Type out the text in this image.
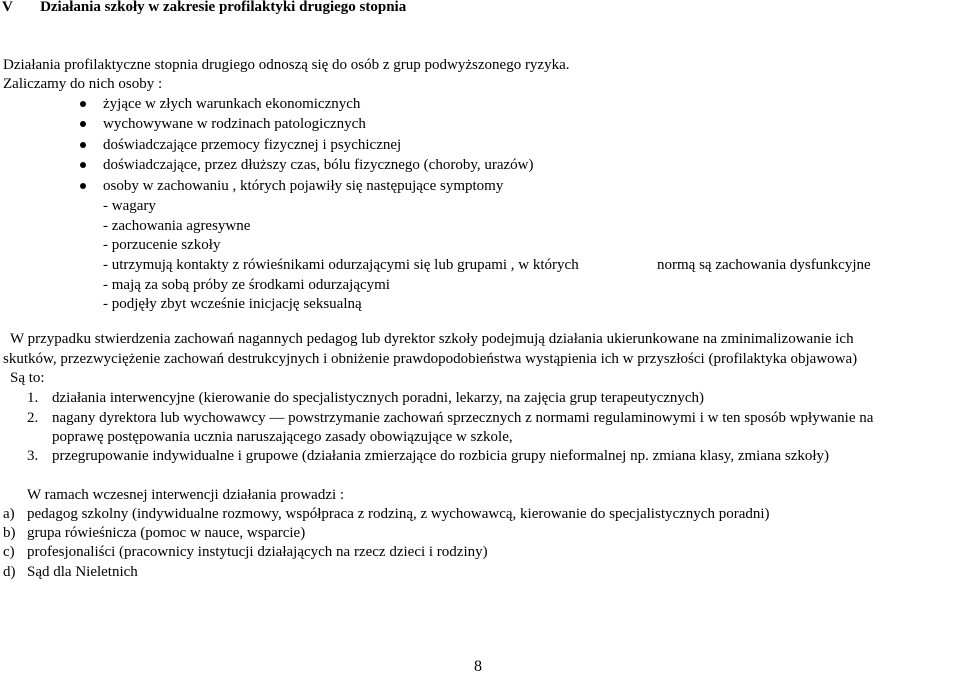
V Działania szkoły w zakresie profilaktyki drugiego stopnia
Działania profilaktyczne stopnia drugiego odnoszą się do osób z grup podwyższonego ryzyka.
Zaliczamy do nich osoby :
żyjące w złych warunkach ekonomicznych
wychowywane w rodzinach patologicznych
doświadczające przemocy fizycznej i psychicznej
doświadczające, przez dłuższy czas, bólu fizycznego (choroby, urazów)
osoby w zachowaniu , których pojawiły się następujące symptomy
- wagary
- zachowania agresywne
- porzucenie szkoły
- utrzymują kontakty z rówieśnikami odurzającymi się lub grupami , w których	normą są zachowania dysfunkcyjne
- mają za sobą próby ze środkami odurzającymi
- podjęły zbyt wcześnie inicjację seksualną
W przypadku stwierdzenia zachowań nagannych pedagog lub dyrektor szkoły podejmują działania ukierunkowane na zminimalizowanie ich
skutków, przezwyciężenie zachowań destrukcyjnych i obniżenie prawdopodobieństwa wystąpienia ich w przyszłości (profilaktyka objawowa)
Są to:
1. działania interwencyjne (kierowanie do specjalistycznych poradni, lekarzy, na zajęcia grup terapeutycznych)
2. nagany dyrektora lub wychowawcy — powstrzymanie zachowań sprzecznych z normami regulaminowymi i w ten sposób wpływanie na
poprawę postępowania ucznia naruszającego zasady obowiązujące w szkole,
3. przegrupowanie indywidualne i grupowe (działania zmierzające do rozbicia grupy nieformalnej np. zmiana klasy, zmiana szkoły)
W ramach wczesnej interwencji działania prowadzi :
a) pedagog szkolny (indywidualne rozmowy, współpraca z rodziną, z wychowawcą, kierowanie do specjalistycznych poradni)
b) grupa rówieśnicza (pomoc w nauce, wsparcie)
c) profesjonaliści (pracownicy instytucji działających na rzecz dzieci i rodziny)
d) Sąd dla Nieletnich
8
